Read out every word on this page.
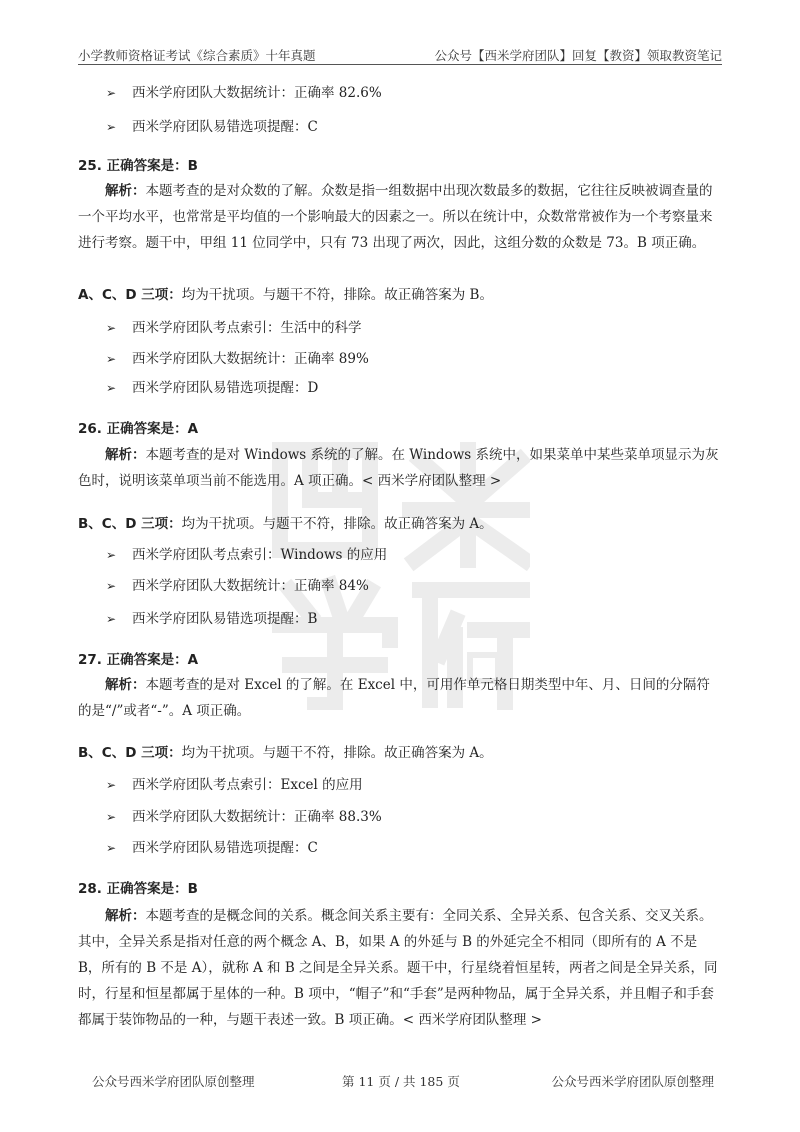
小学教师资格证考试《综合素质》十年真题	公众号【西米学府团队】回复【教资】领取教资笔记
➢ 西米学府团队大数据统计：正确率 82.6%
➢ 西米学府团队易错选项提醒：C
25. 正确答案是：B
解析：本题考查的是对众数的了解。众数是指一组数据中出现次数最多的数据，它往往反映被调查量的一个平均水平，也常常是平均值的一个影响最大的因素之一。所以在统计中，众数常常被作为一个考察量来进行考察。题干中，甲组 11 位同学中，只有 73 出现了两次，因此，这组分数的众数是 73。B 项正确。
A、C、D 三项：均为干扰项。与题干不符，排除。故正确答案为 B。
➢ 西米学府团队考点索引：生活中的科学
➢ 西米学府团队大数据统计：正确率 89%
➢ 西米学府团队易错选项提醒：D
26. 正确答案是：A
解析：本题考查的是对 Windows 系统的了解。在 Windows 系统中，如果菜单中某些菜单项显示为灰色时，说明该菜单项当前不能选用。A 项正确。< 西米学府团队整理 >
B、C、D 三项：均为干扰项。与题干不符，排除。故正确答案为 A。
➢ 西米学府团队考点索引：Windows 的应用
➢ 西米学府团队大数据统计：正确率 84%
➢ 西米学府团队易错选项提醒：B
27. 正确答案是：A
解析：本题考查的是对 Excel 的了解。在 Excel 中，可用作单元格日期类型中年、月、日间的分隔符的是“/”或者“-”。A 项正确。
B、C、D 三项：均为干扰项。与题干不符，排除。故正确答案为 A。
➢ 西米学府团队考点索引：Excel 的应用
➢ 西米学府团队大数据统计：正确率 88.3%
➢ 西米学府团队易错选项提醒：C
28. 正确答案是：B
解析：本题考查的是概念间的关系。概念间关系主要有：全同关系、全异关系、包含关系、交叉关系。其中，全异关系是指对任意的两个概念 A、B，如果 A 的外延与 B 的外延完全不相同（即所有的 A 不是 B，所有的 B 不是 A），就称 A 和 B 之间是全异关系。题干中，行星绕着恒星转，两者之间是全异关系，同时，行星和恒星都属于星体的一种。B 项中，“帽子”和“手套”是两种物品，属于全异关系，并且帽子和手套都属于装饰物品的一种，与题干表述一致。B 项正确。< 西米学府团队整理 >
公众号西米学府团队原创整理	第 11 页 / 共 185 页	公众号西米学府团队原创整理
